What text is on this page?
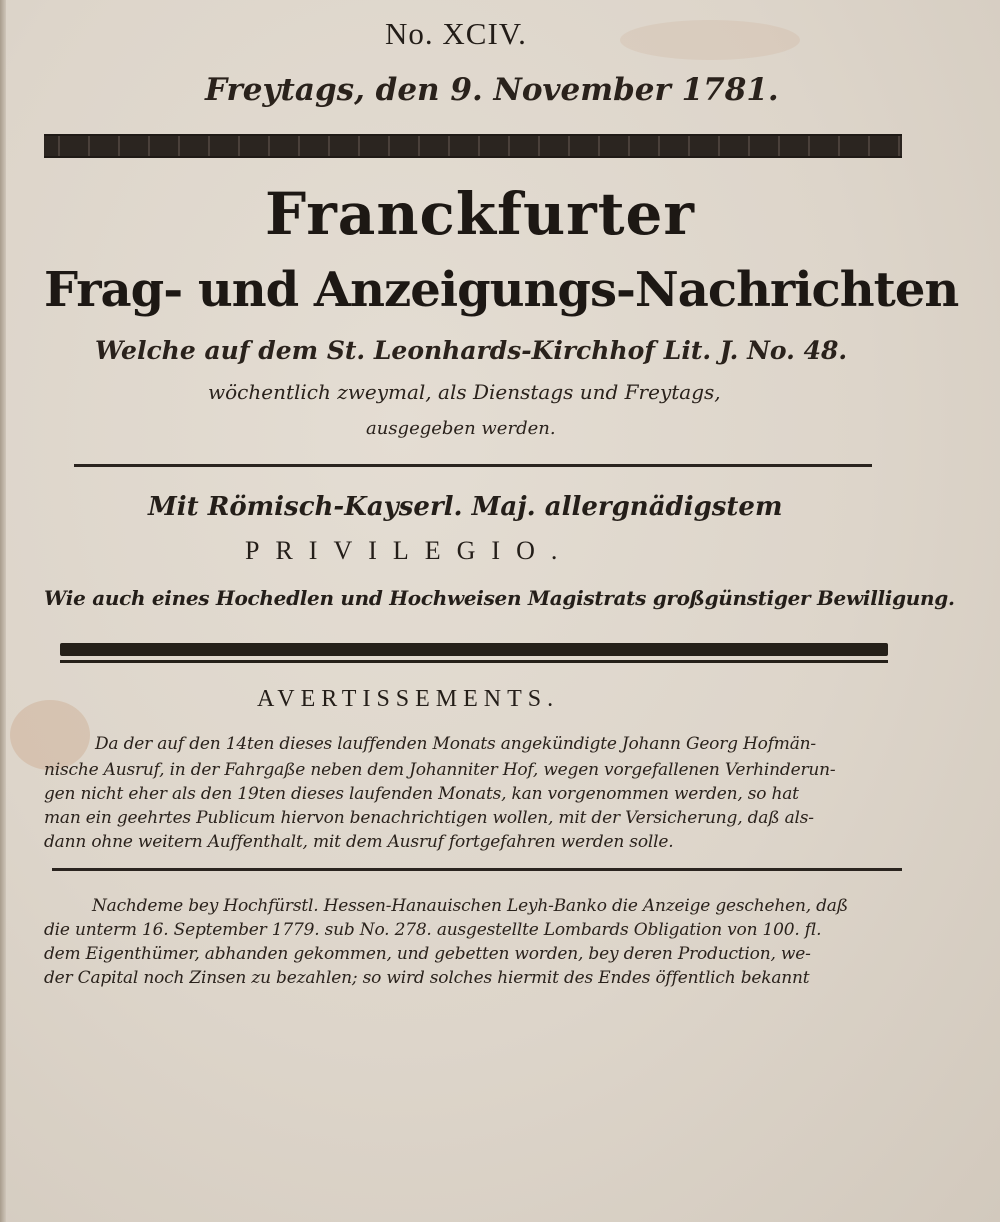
No. XCIV.
Freytags, den 9. November 1781.
Franckfurter
Frag- und Anzeigungs-Nachrichten
Welche auf dem St. Leonhards-Kirchhof Lit. J. No. 48.
wöchentlich zweymal, als Dienstags und Freytags,
ausgegeben werden.
Mit Römisch-Kayserl. Maj. allergnädigstem
PRIVILEGIO.
Wie auch eines Hochedlen und Hochweisen Magistrats großgünstiger Bewilligung.
AVERTISSEMENTS.
Da der auf den 14ten dieses lauffenden Monats angekündigte Johann Georg Hofmän-
nische Ausruf, in der Fahrgaße neben dem Johanniter Hof, wegen vorgefallenen Verhinderun-
gen nicht eher als den 19ten dieses laufenden Monats, kan vorgenommen werden, so hat
man ein geehrtes Publicum hiervon benachrichtigen wollen, mit der Versicherung, daß als-
dann ohne weitern Auffenthalt, mit dem Ausruf fortgefahren werden solle.
Nachdeme bey Hochfürstl. Hessen-Hanauischen Leyh-Banko die Anzeige geschehen, daß
die unterm 16. September 1779. sub No. 278. ausgestellte Lombards Obligation von 100. fl.
dem Eigenthümer, abhanden gekommen, und gebetten worden, bey deren Production, we-
der Capital noch Zinsen zu bezahlen; so wird solches hiermit des Endes öffentlich bekannt
